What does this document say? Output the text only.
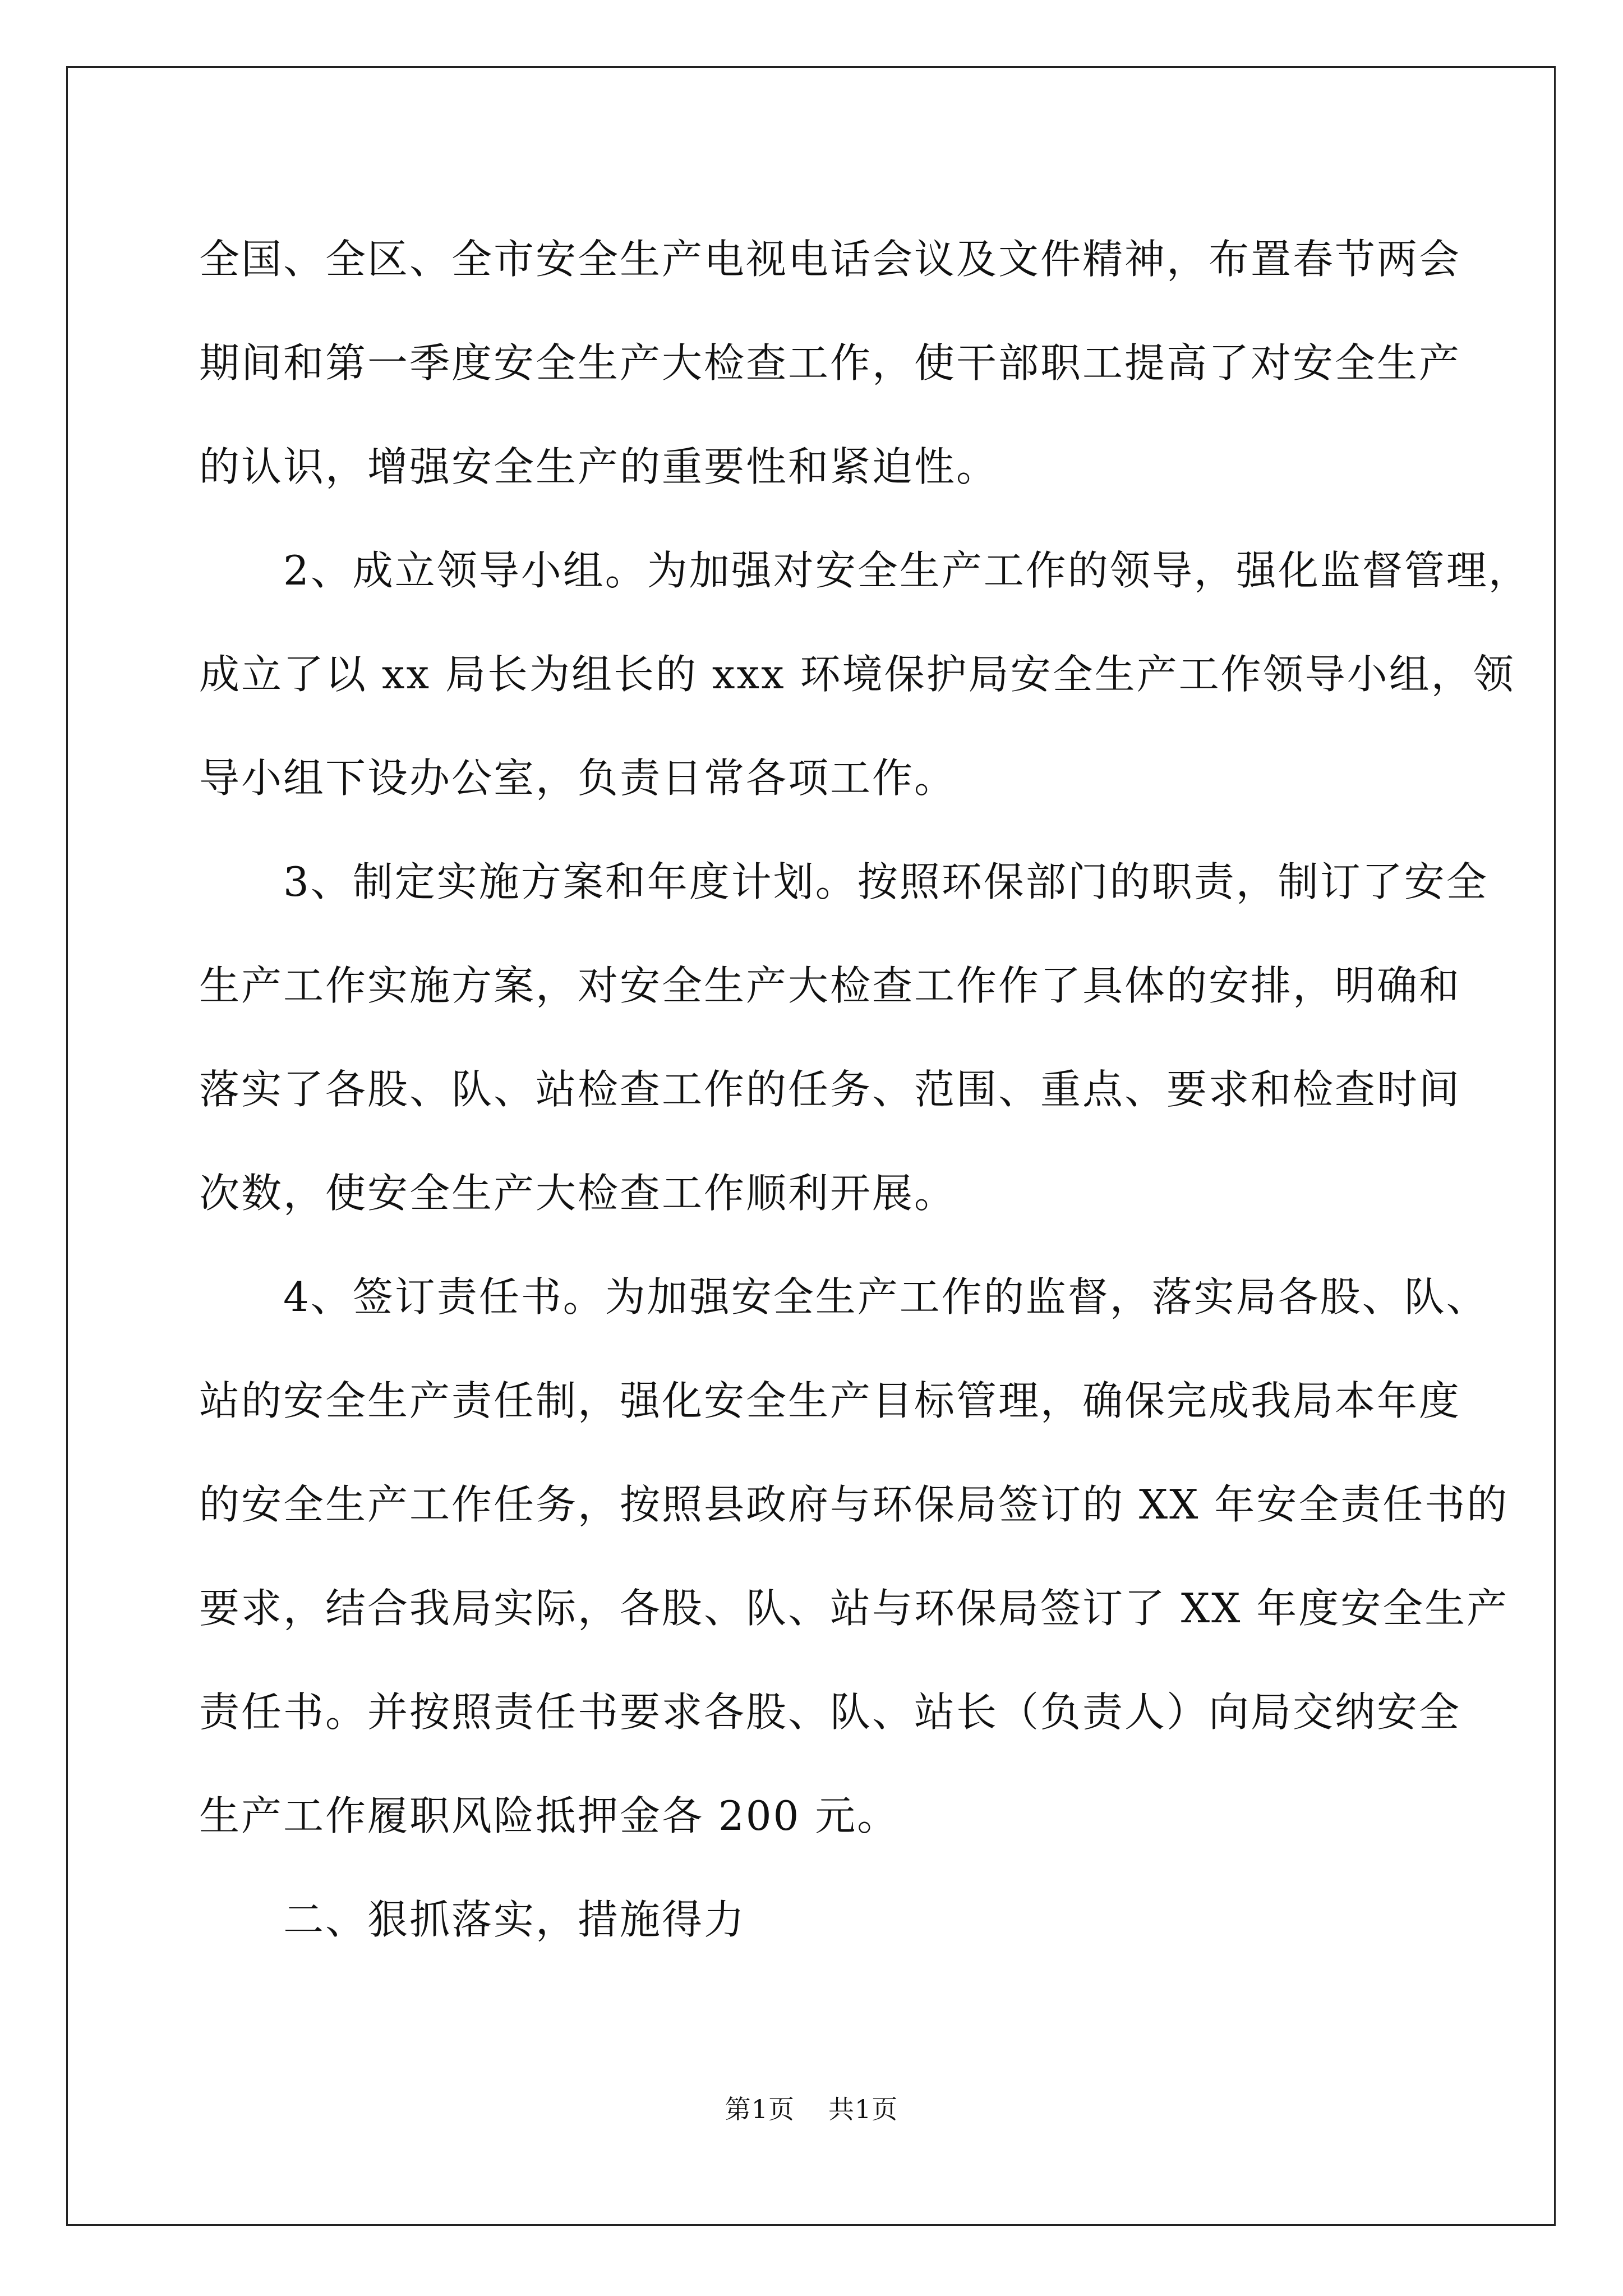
全国、全区、全市安全生产电视电话会议及文件精神，布置春节两会
期间和第一季度安全生产大检查工作，使干部职工提高了对安全生产
的认识，增强安全生产的重要性和紧迫性。

2、成立领导小组。为加强对安全生产工作的领导，强化监督管理，
成立了以 xx 局长为组长的 xxx 环境保护局安全生产工作领导小组，领
导小组下设办公室，负责日常各项工作。

3、制定实施方案和年度计划。按照环保部门的职责，制订了安全
生产工作实施方案，对安全生产大检查工作作了具体的安排，明确和
落实了各股、队、站检查工作的任务、范围、重点、要求和检查时间
次数，使安全生产大检查工作顺利开展。

4、签订责任书。为加强安全生产工作的监督，落实局各股、队、
站的安全生产责任制，强化安全生产目标管理，确保完成我局本年度
的安全生产工作任务，按照县政府与环保局签订的 XX 年安全责任书的
要求，结合我局实际，各股、队、站与环保局签订了 XX 年度安全生产
责任书。并按照责任书要求各股、队、站长（负责人）向局交纳安全
生产工作履职风险抵押金各 200 元。

二、狠抓落实，措施得力

第1页 共1页
